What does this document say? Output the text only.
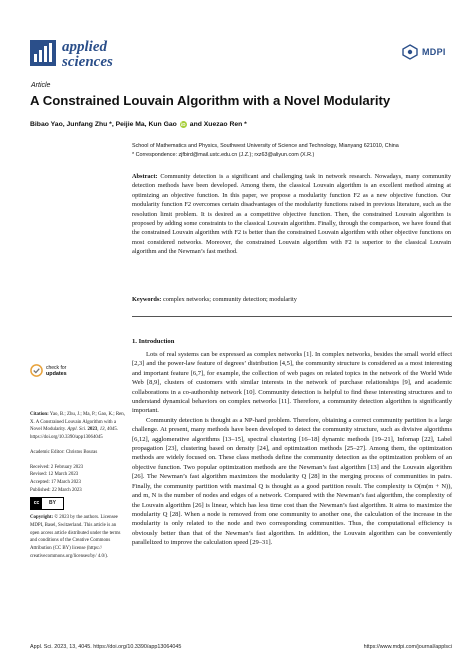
applied
sciences
MDPI
Article
A Constrained Louvain Algorithm with a Novel Modularity
Bibao Yao, Junfang Zhu *, Peijie Ma, Kun Gao iD and Xuezao Ren *
School of Mathematics and Physics, Southwest University of Science and Technology, Mianyang 621010, China
* Correspondence: zjfbird@mail.ustc.edu.cn (J.Z.); rxz63@aliyun.com (X.R.)
Abstract: Community detection is a significant and challenging task in network research. Nowadays, many community detection methods have been developed. Among them, the classical Louvain algorithm is an excellent method aiming at optimizing an objective function. In this paper, we propose a modularity function F2 as a new objective function. Our modularity function F2 overcomes certain disadvantages of the modularity functions raised in previous literature, such as the resolution limit problem. It is desired as a competitive objective function. Then, the constrained Louvain algorithm is proposed by adding some constraints to the classical Louvain algorithm. Finally, through the comparison, we have found that the constrained Louvain algorithm with F2 is better than the constrained Louvain algorithm with other objective functions on most considered networks. Moreover, the constrained Louvain algorithm with F2 is superior to the classical Louvain algorithm and the Newman’s fast method.
Keywords: complex networks; community detection; modularity
1. Introduction

Lots of real systems can be expressed as complex networks [1]. In complex networks, besides the small world effect [2,3] and the power-law feature of degrees’ distribution [4,5], the community structure is considered as a most interesting and important feature [6,7], for example, the collection of web pages on related topics in the network of the World Wide Web [8,9], clusters of customers with similar interests in the network of purchase relationships [9], and academic collaborations in a co-authorship network [10]. Community detection is helpful to find these interesting structures and to understand dynamical behaviors on complex networks [11]. Therefore, a community detection algorithm is significantly important.

Community detection is thought as a NP-hard problem. Therefore, obtaining a correct community partition is a large challenge. At present, many methods have been developed to detect the community structure, such as divisive algorithms [6,12], agglomerative algorithms [13–15], spectral clustering [16–18] dynamic methods [19–21], Infomap [22], Label propagation [23], clustering based on density [24], and optimization methods [25–27]. Among them, the optimization methods are widely focused on. These class methods define the community detection as the optimization problem of an objective function. Two popular optimization methods are the Newman’s fast algorithm [13] and the Louvain algorithm [26]. The Newman’s fast algorithm maximizes the modularity Q [28] in the merging process of communities in pairs. Finally, the community partition with maximal Q is thought as a good partition result. The complexity is O(m(m + N)), and m, N is the number of nodes and edges of a network. Compared with the Newman’s fast algorithm, the complexity of the Louvain algorithm [26] is linear, which has less time cost than the Newman’s fast algorithm. It aims to maximize the modularity Q [28]. When a node is removed from one community to another one, the calculation of the increase in the modularity is only related to the node and two corresponding communities. Thus, the computational efficiency is obviously better than that of the Newman’s fast algorithm. In addition, the Louvain algorithm can be conveniently parallelized to improve the calculation speed [29–31].

check for
updates

Citation: Yao, B.; Zhu, J.; Ma, P.; Gao, K.; Ren, X. A Constrained Louvain Algorithm with a Novel Modularity. Appl. Sci. 2023, 13, 4045. https://doi.org/10.3390/app13064045

Academic Editor: Christos Bouras

Received: 2 February 2023

Revised: 12 March 2023

Accepted: 17 March 2023

Published: 22 March 2023

cc	BY

Copyright: © 2023 by the authors. Licensee MDPI, Basel, Switzerland. This article is an open access article distributed under the terms and conditions of the Creative Commons Attribution (CC BY) license (https:// creativecommons.org/licenses/by/ 4.0/).

Appl. Sci. 2023, 13, 4045. https://doi.org/10.3390/app13064045	https://www.mdpi.com/journal/applsci
